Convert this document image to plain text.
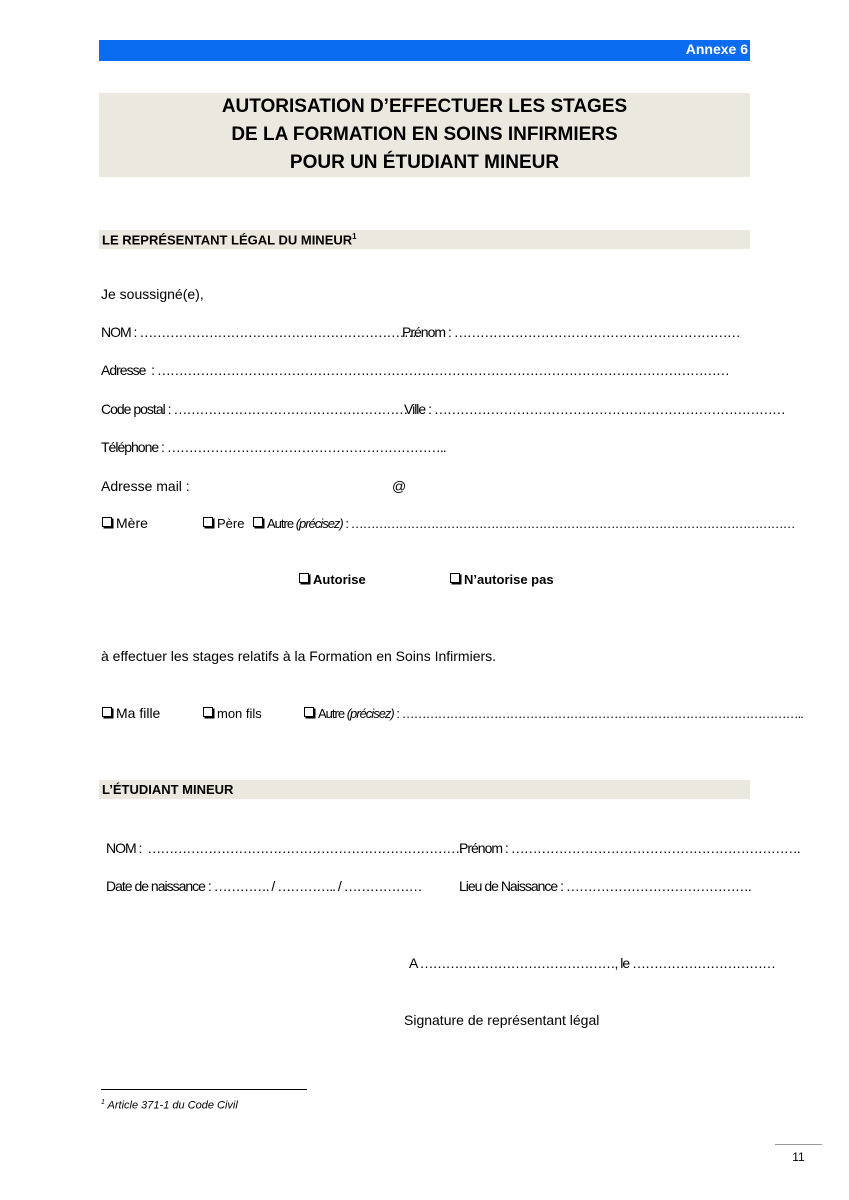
Annexe 6
AUTORISATION D’EFFECTUER LES STAGES
DE LA FORMATION EN SOINS INFIRMIERS
POUR UN ÉTUDIANT MINEUR
LE REPRÉSENTANT LÉGAL DU MINEUR$^1$
Je soussigné(e),
NOM : ………………………………………………………..
Prénom : …………………………………………………………
Adresse  : ……………………………………………………………………………………………………………………
Code postal : ………………………………………………
Ville : ………………………………………………………………………
Téléphone : ………………………………………………………..
Adresse mail :	@
Mère	Père	Autre (précisez) : …………………………………………………………………………………………………
Autorise	N’autorise pas
à effectuer les stages relatifs à la Formation en Soins Infirmiers.
Ma fille	mon fils	Autre (précisez) : ………………………………………………………………………………………..
L’ÉTUDIANT MINEUR
NOM :  ……………………………………………………………….
Prénom : ………………………………………………………….
Date de naissance : …………. / ………….. / ………………	Lieu de Naissance : …………………………………….
A ………………………………………, le ……………………………
Signature de représentant légal
$^1$ Article 371-1 du Code Civil
11
